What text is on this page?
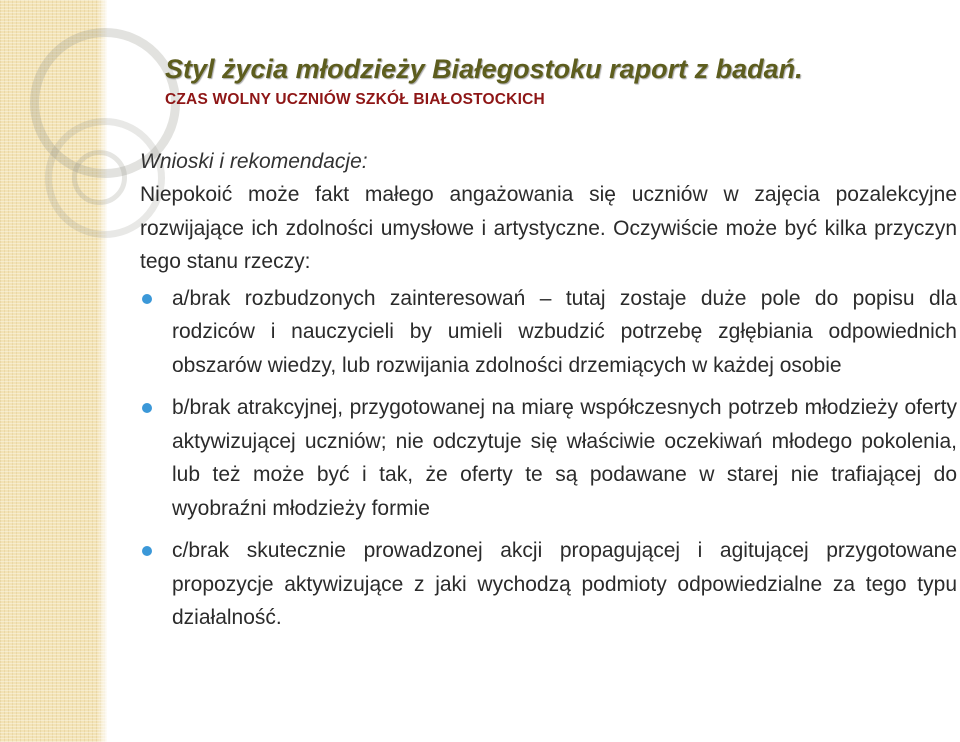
Styl życia młodzieży Białegostoku raport z badań.
CZAS WOLNY UCZNIÓW SZKÓŁ BIAŁOSTOCKICH

Wnioski i rekomendacje:

Niepokoić może fakt małego angażowania się uczniów w zajęcia pozalekcyjne rozwijające ich zdolności umysłowe i artystyczne. Oczywiście może być kilka przyczyn tego stanu rzeczy:

a/brak rozbudzonych zainteresowań – tutaj zostaje duże pole do popisu dla rodziców i nauczycieli by umieli wzbudzić potrzebę zgłębiania odpowiednich obszarów wiedzy, lub rozwijania zdolności drzemiących w każdej osobie
b/brak atrakcyjnej, przygotowanej na miarę współczesnych potrzeb młodzieży oferty aktywizującej uczniów; nie odczytuje się właściwie oczekiwań młodego pokolenia, lub też może być i tak, że oferty te są podawane w starej nie trafiającej do wyobraźni młodzieży formie
c/brak skutecznie prowadzonej akcji propagującej i agitującej przygotowane propozycje aktywizujące z jaki wychodzą podmioty odpowiedzialne za tego typu działalność.
